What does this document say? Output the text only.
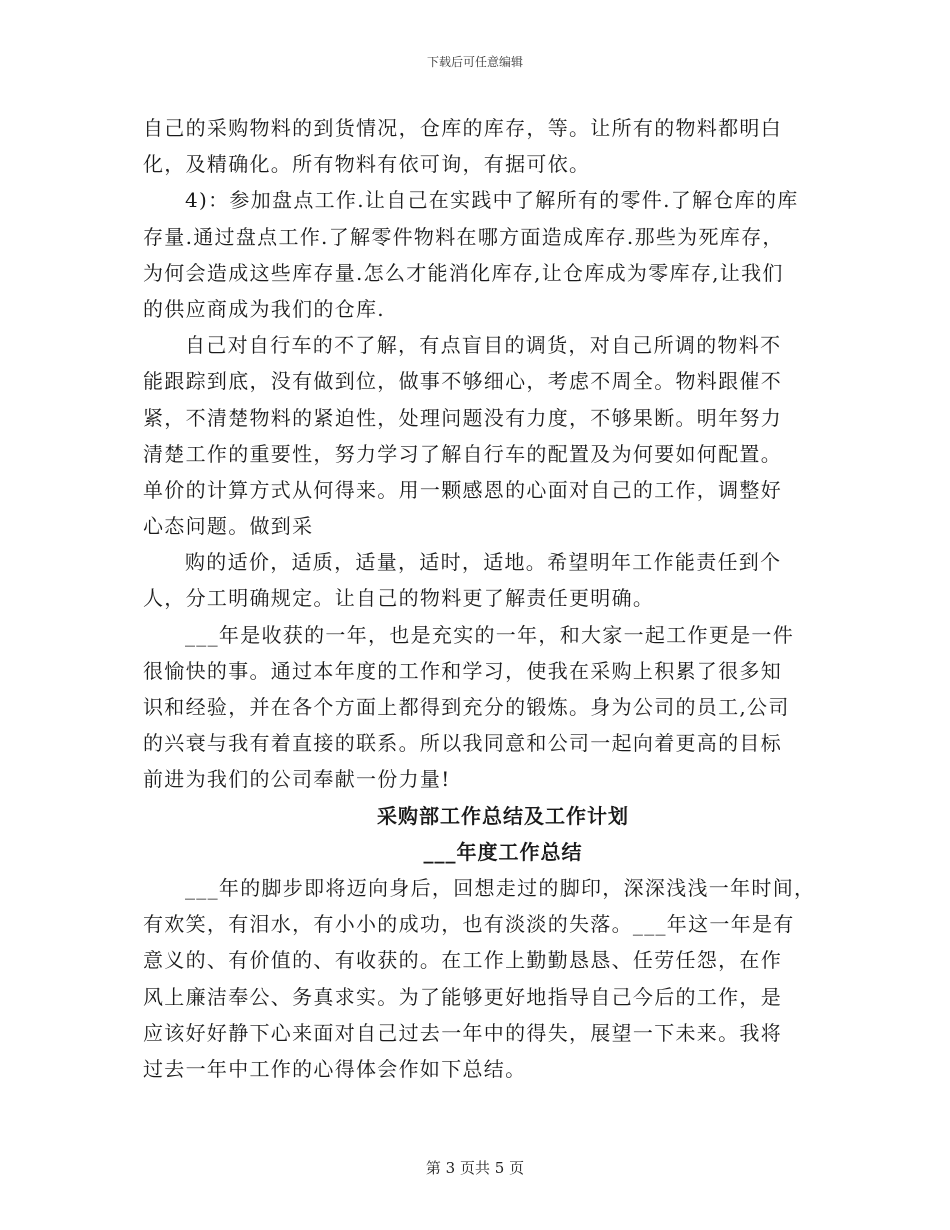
下载后可任意编辑
自己的采购物料的到货情况，仓库的库存，等。让所有的物料都明白
化，及精确化。所有物料有依可询，有据可依。
4)：参加盘点工作.让自己在实践中了解所有的零件.了解仓库的库
存量.通过盘点工作.了解零件物料在哪方面造成库存.那些为死库存，
为何会造成这些库存量.怎么才能消化库存,让仓库成为零库存,让我们
的供应商成为我们的仓库.
自己对自行车的不了解，有点盲目的调货，对自己所调的物料不
能跟踪到底，没有做到位，做事不够细心，考虑不周全。物料跟催不
紧，不清楚物料的紧迫性，处理问题没有力度，不够果断。明年努力
清楚工作的重要性，努力学习了解自行车的配置及为何要如何配置。
单价的计算方式从何得来。用一颗感恩的心面对自己的工作，调整好
心态问题。做到采
购的适价，适质，适量，适时，适地。希望明年工作能责任到个
人，分工明确规定。让自己的物料更了解责任更明确。
___年是收获的一年，也是充实的一年，和大家一起工作更是一件
很愉快的事。通过本年度的工作和学习，使我在采购上积累了很多知
识和经验，并在各个方面上都得到充分的锻炼。身为公司的员工,公司
的兴衰与我有着直接的联系。所以我同意和公司一起向着更高的目标
前进为我们的公司奉献一份力量!
采购部工作总结及工作计划
___年度工作总结
___年的脚步即将迈向身后，回想走过的脚印，深深浅浅一年时间，
有欢笑，有泪水，有小小的成功，也有淡淡的失落。___年这一年是有
意义的、有价值的、有收获的。在工作上勤勤恳恳、任劳任怨，在作
风上廉洁奉公、务真求实。为了能够更好地指导自己今后的工作，是
应该好好静下心来面对自己过去一年中的得失，展望一下未来。我将
过去一年中工作的心得体会作如下总结。
第 3 页共 5 页
